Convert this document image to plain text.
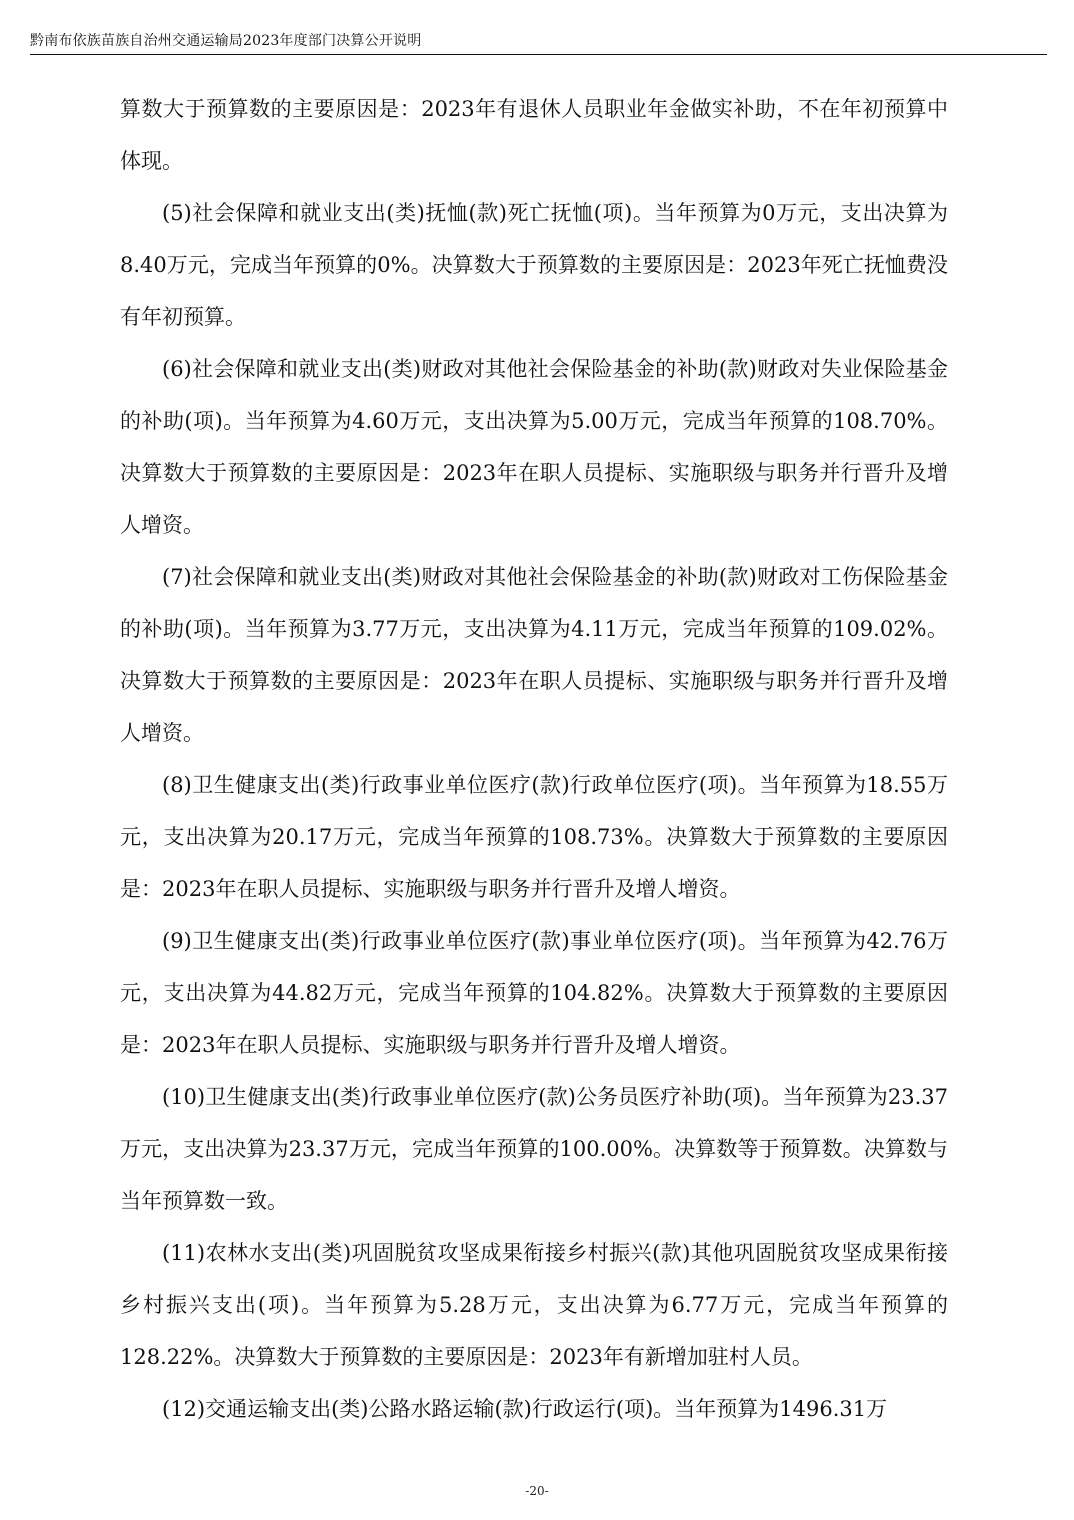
黔南布依族苗族自治州交通运输局2023年度部门决算公开说明

算数大于预算数的主要原因是：2023年有退休人员职业年金做实补助，不在年初预算中体现。

(5)社会保障和就业支出(类)抚恤(款)死亡抚恤(项)。当年预算为0万元，支出决算为8.40万元，完成当年预算的0%。决算数大于预算数的主要原因是：2023年死亡抚恤费没有年初预算。

(6)社会保障和就业支出(类)财政对其他社会保险基金的补助(款)财政对失业保险基金的补助(项)。当年预算为4.60万元，支出决算为5.00万元，完成当年预算的108.70%。决算数大于预算数的主要原因是：2023年在职人员提标、实施职级与职务并行晋升及增人增资。

(7)社会保障和就业支出(类)财政对其他社会保险基金的补助(款)财政对工伤保险基金的补助(项)。当年预算为3.77万元，支出决算为4.11万元，完成当年预算的109.02%。决算数大于预算数的主要原因是：2023年在职人员提标、实施职级与职务并行晋升及增人增资。

(8)卫生健康支出(类)行政事业单位医疗(款)行政单位医疗(项)。当年预算为18.55万元，支出决算为20.17万元，完成当年预算的108.73%。决算数大于预算数的主要原因是：2023年在职人员提标、实施职级与职务并行晋升及增人增资。

(9)卫生健康支出(类)行政事业单位医疗(款)事业单位医疗(项)。当年预算为42.76万元，支出决算为44.82万元，完成当年预算的104.82%。决算数大于预算数的主要原因是：2023年在职人员提标、实施职级与职务并行晋升及增人增资。

(10)卫生健康支出(类)行政事业单位医疗(款)公务员医疗补助(项)。当年预算为23.37万元，支出决算为23.37万元，完成当年预算的100.00%。决算数等于预算数。决算数与当年预算数一致。

(11)农林水支出(类)巩固脱贫攻坚成果衔接乡村振兴(款)其他巩固脱贫攻坚成果衔接乡村振兴支出(项)。当年预算为5.28万元，支出决算为6.77万元，完成当年预算的128.22%。决算数大于预算数的主要原因是：2023年有新增加驻村人员。

(12)交通运输支出(类)公路水路运输(款)行政运行(项)。当年预算为1496.31万

-20-
